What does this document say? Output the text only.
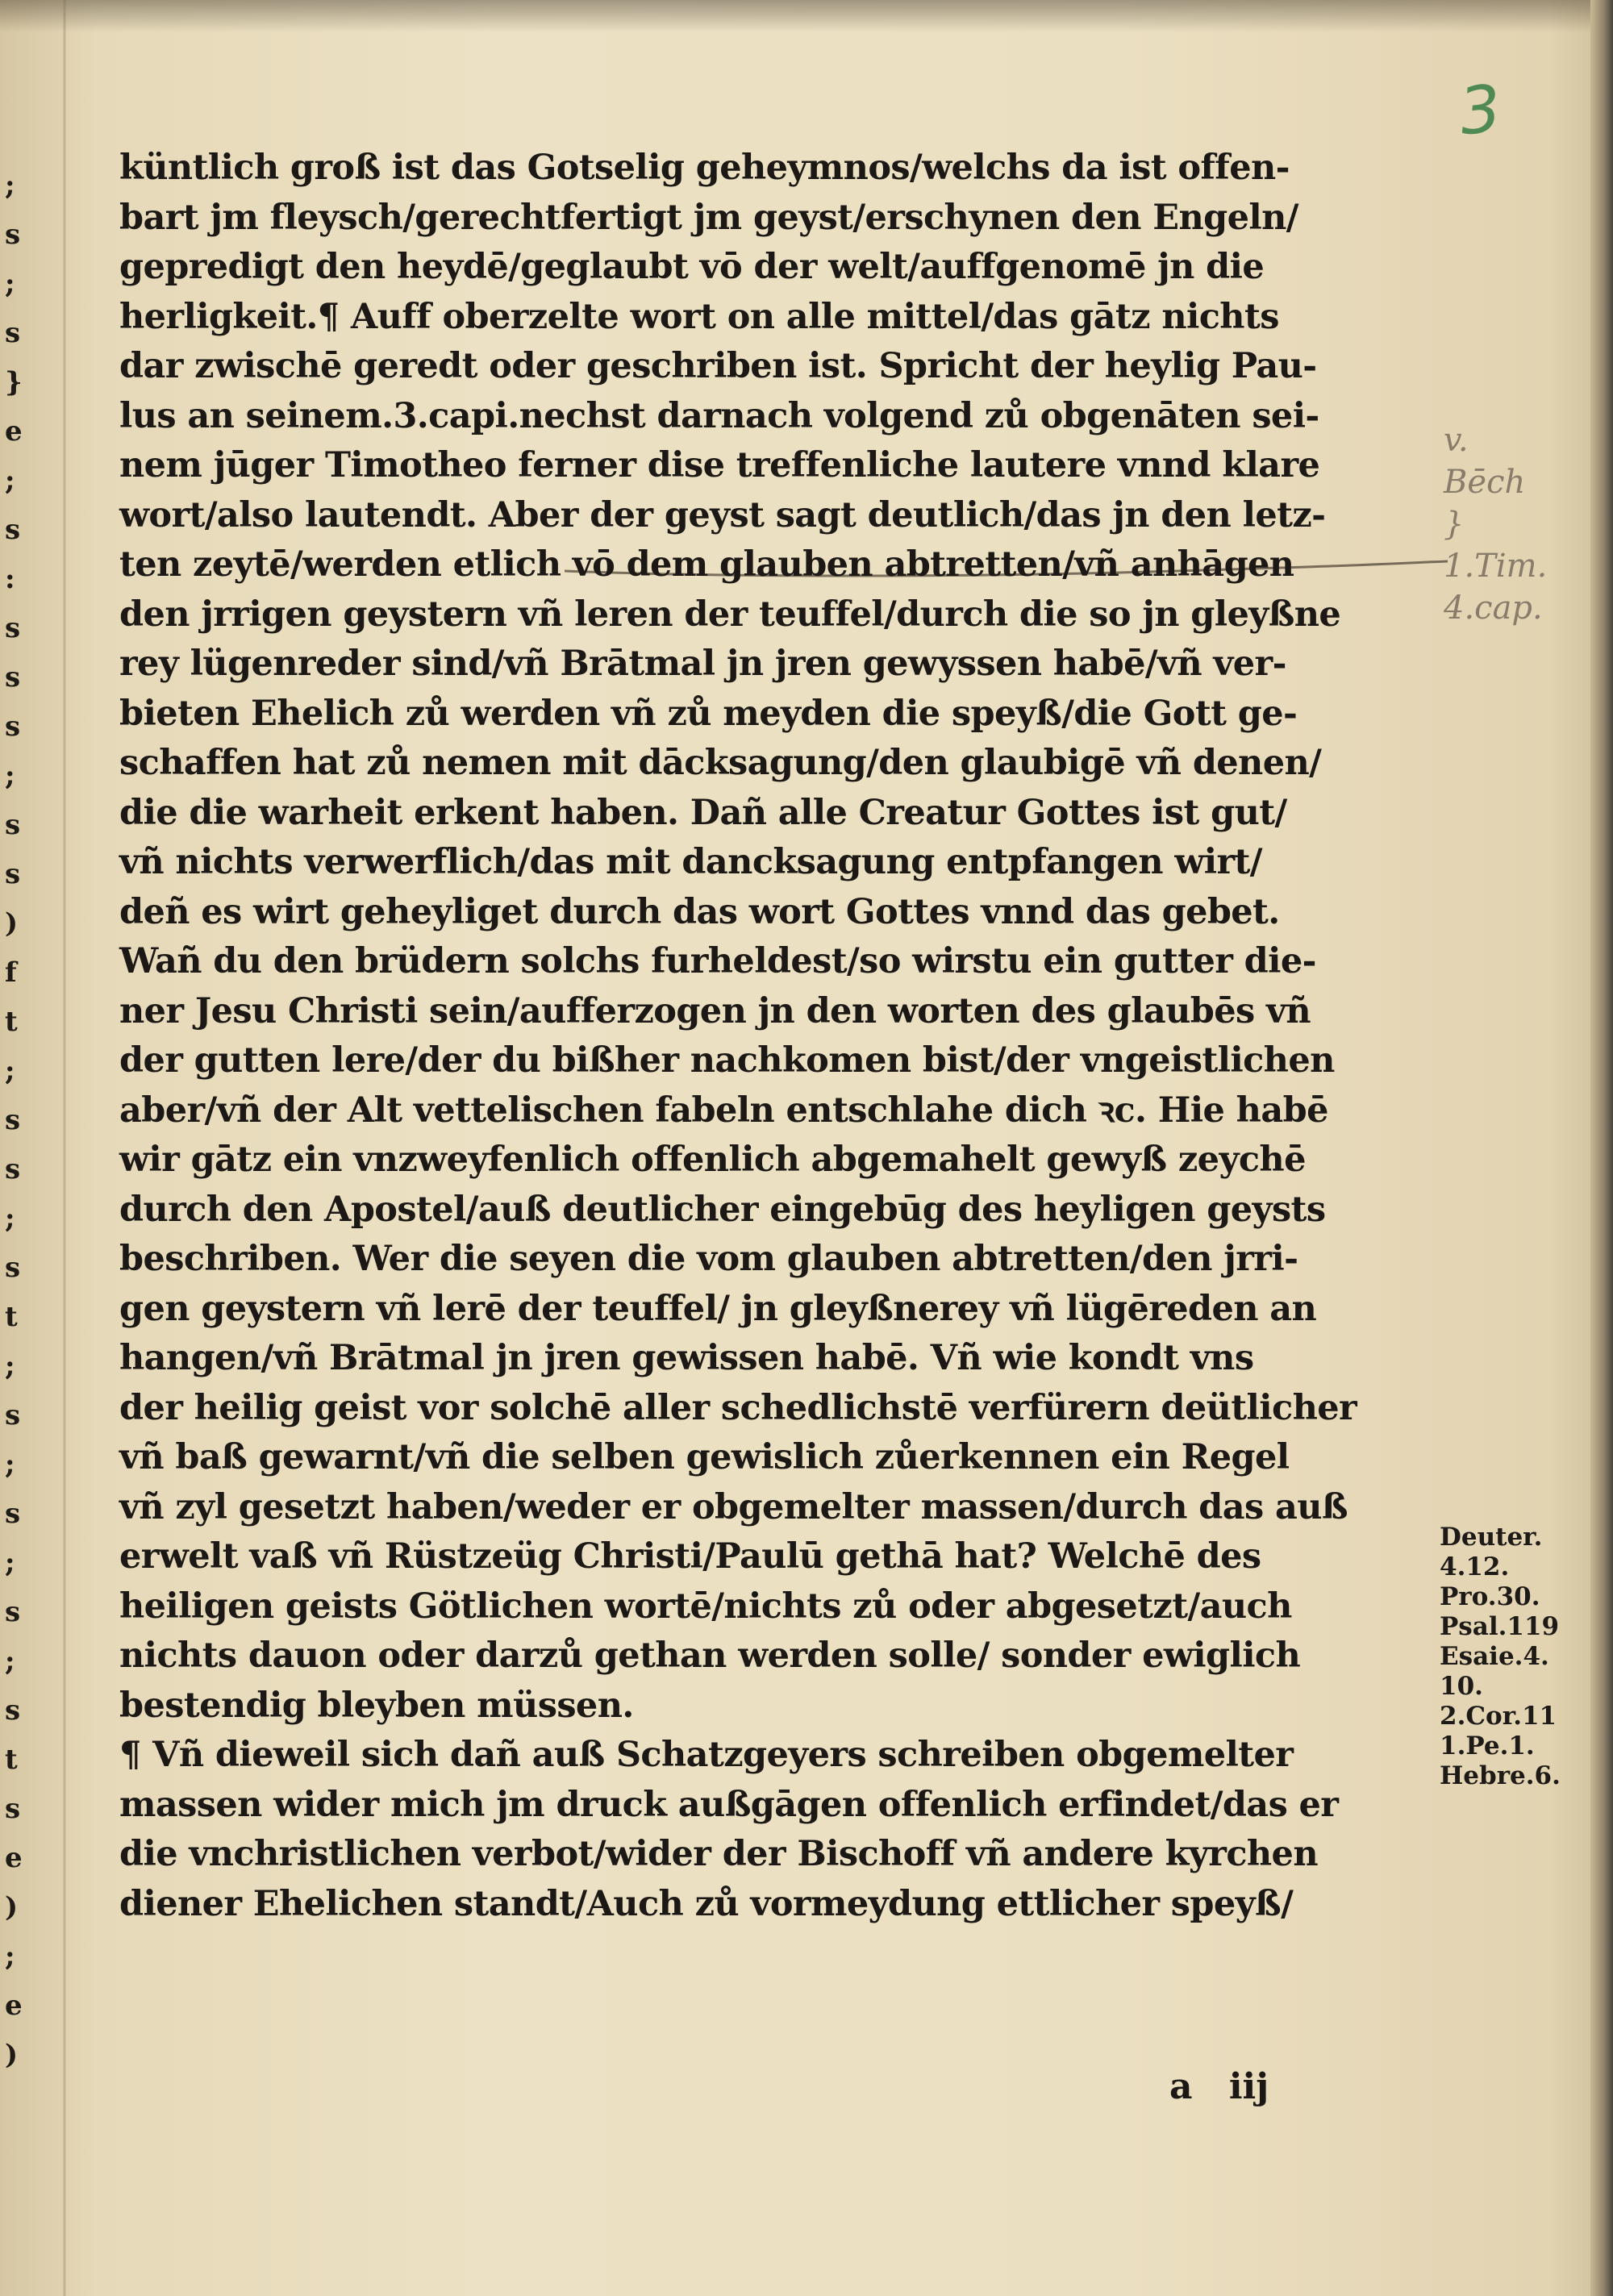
;
s
;
s
}
e
;
s
:
s
s
s
;
s
s
)
f
t
;
s
s
;
s
t
;
s
;
s
;
s
;
s
t
s
e
)
;
e
)
3
küntlich groß ist das Gotselig geheymnos/welchs da ist offen-
bart jm fleysch/gerechtfertigt jm geyst/erschynen den Engeln/
gepredigt den heydē/geglaubt vō der welt/auffgenomē jn die
herligkeit.¶ Auff oberzelte wort on alle mittel/das gātz nichts
dar zwischē geredt oder geschriben ist. Spricht der heylig Pau-
lus an seinem.3.capi.nechst darnach volgend zů obgenāten sei-
nem jūger Timotheo ferner dise treffenliche lautere vnnd klare
wort/also lautendt. Aber der geyst sagt deutlich/das jn den letz-
ten zeytē/werden etlich vō dem glauben abtretten/vñ anhāgen
den jrrigen geystern vñ leren der teuffel/durch die so jn gleyßne
rey lügenreder sind/vñ Brātmal jn jren gewyssen habē/vñ ver-
bieten Ehelich zů werden vñ zů meyden die speyß/die Gott ge-
schaffen hat zů nemen mit dācksagung/den glaubigē vñ denen/
die die warheit erkent haben. Dañ alle Creatur Gottes ist gut/
vñ nichts verwerflich/das mit dancksagung entpfangen wirt/
deñ es wirt geheyliget durch das wort Gottes vnnd das gebet.
Wañ du den brüdern solchs furheldest/so wirstu ein gutter die-
ner Jesu Christi sein/aufferzogen jn den worten des glaubēs vñ
der gutten lere/der du bißher nachkomen bist/der vngeistlichen
aber/vñ der Alt vettelischen fabeln entschlahe dich ꝛc. Hie habē
wir gātz ein vnzweyfenlich offenlich abgemahelt gewyß zeychē
durch den Apostel/auß deutlicher eingebūg des heyligen geysts
beschriben. Wer die seyen die vom glauben abtretten/den jrri-
gen geystern vñ lerē der teuffel/ jn gleyßnerey vñ lügēreden an
hangen/vñ Brātmal jn jren gewissen habē. Vñ wie kondt vns
der heilig geist vor solchē aller schedlichstē verfürern deütlicher
vñ baß gewarnt/vñ die selben gewislich zůerkennen ein Regel
vñ zyl gesetzt haben/weder er obgemelter massen/durch das auß
erwelt vaß vñ Rüstzeüg Christi/Paulū gethā hat? Welchē des
heiligen geists Götlichen wortē/nichts zů oder abgesetzt/auch
nichts dauon oder darzů gethan werden solle/ sonder ewiglich
bestendig bleyben müssen.
¶ Vñ dieweil sich dañ auß Schatzgeyers schreiben obgemelter
massen wider mich jm druck außgāgen offenlich erfindet/das er
die vnchristlichen verbot/wider der Bischoff vñ andere kyrchen
diener Ehelichen standt/Auch zů vormeydung ettlicher speyß/
v.
Bēch
}
1.Tim.
4.cap.
Deuter.
4.12.
Pro.30.
Psal.119
Esaie.4.
10.
2.Cor.11
1.Pe.1.
Hebre.6.
a iij
